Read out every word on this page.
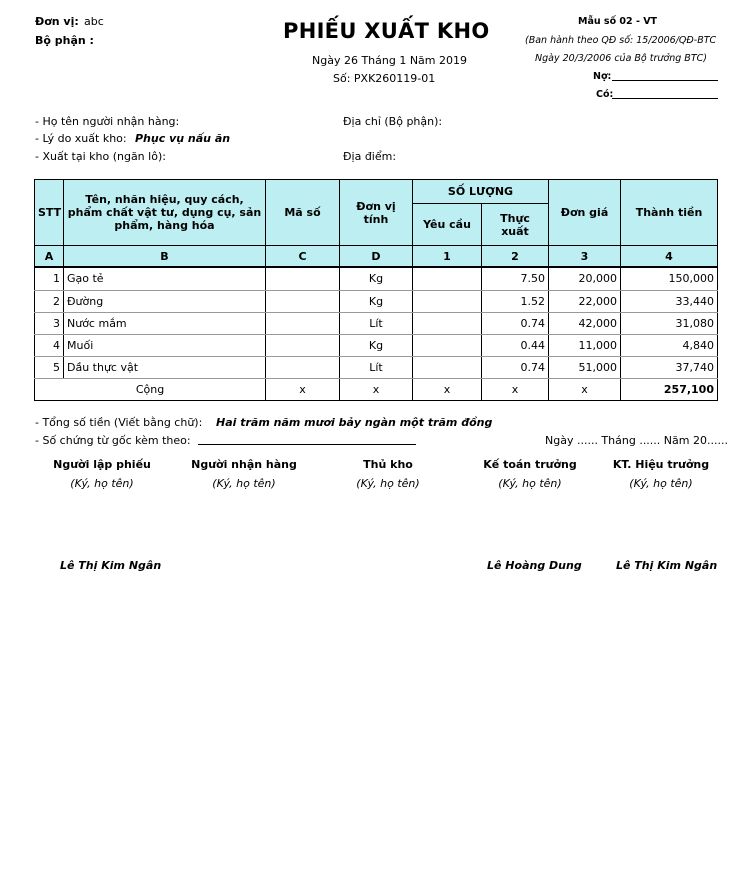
Đơn vị: abc
Bộ phận :	PHIẾU XUẤT KHO
Ngày 26 Tháng 1 Năm 2019
Số: PXK260119-01
Mẫu số 02 - VT
(Ban hành theo QĐ số: 15/2006/QĐ-BTC
Ngày 20/3/2006 của Bộ trưởng BTC)
Nợ:
Có:
- Họ tên người nhận hàng:	Địa chỉ (Bộ phận):
- Lý do xuất kho: Phục vụ nấu ăn
- Xuất tại kho (ngăn lô):	Địa điểm:
STT	Tên, nhãn hiệu, quy cách, phẩm chất vật tư, dụng cụ, sản phẩm, hàng hóa	Mã số	Đơn vị tính	SỐ LƯỢNG		Đơn giá	Thành tiền
				Yêu cầu	Thực xuất		
A	B	C	D	1	2	3	4
1	Gạo tẻ		Kg		7.50	20,000	150,000
2	Đường		Kg		1.52	22,000	33,440
3	Nước mắm		Lít		0.74	42,000	31,080
4	Muối		Kg		0.44	11,000	4,840
5	Dầu thực vật		Lít		0.74	51,000	37,740
Cộng		x	x	x	x	x	257,100
- Tổng số tiền (Viết bằng chữ): Hai trăm năm mươi bảy ngàn một trăm đồng
- Số chứng từ gốc kèm theo:	Ngày ...... Tháng ...... Năm 20......
Người lập phiếu
(Ký, họ tên)
Người nhận hàng
(Ký, họ tên)
Thủ kho
(Ký, họ tên)
Kế toán trưởng
(Ký, họ tên)
KT. Hiệu trưởng
(Ký, họ tên)
Lê Thị Kim Ngân	Lê Hoàng Dung	Lê Thị Kim Ngân
